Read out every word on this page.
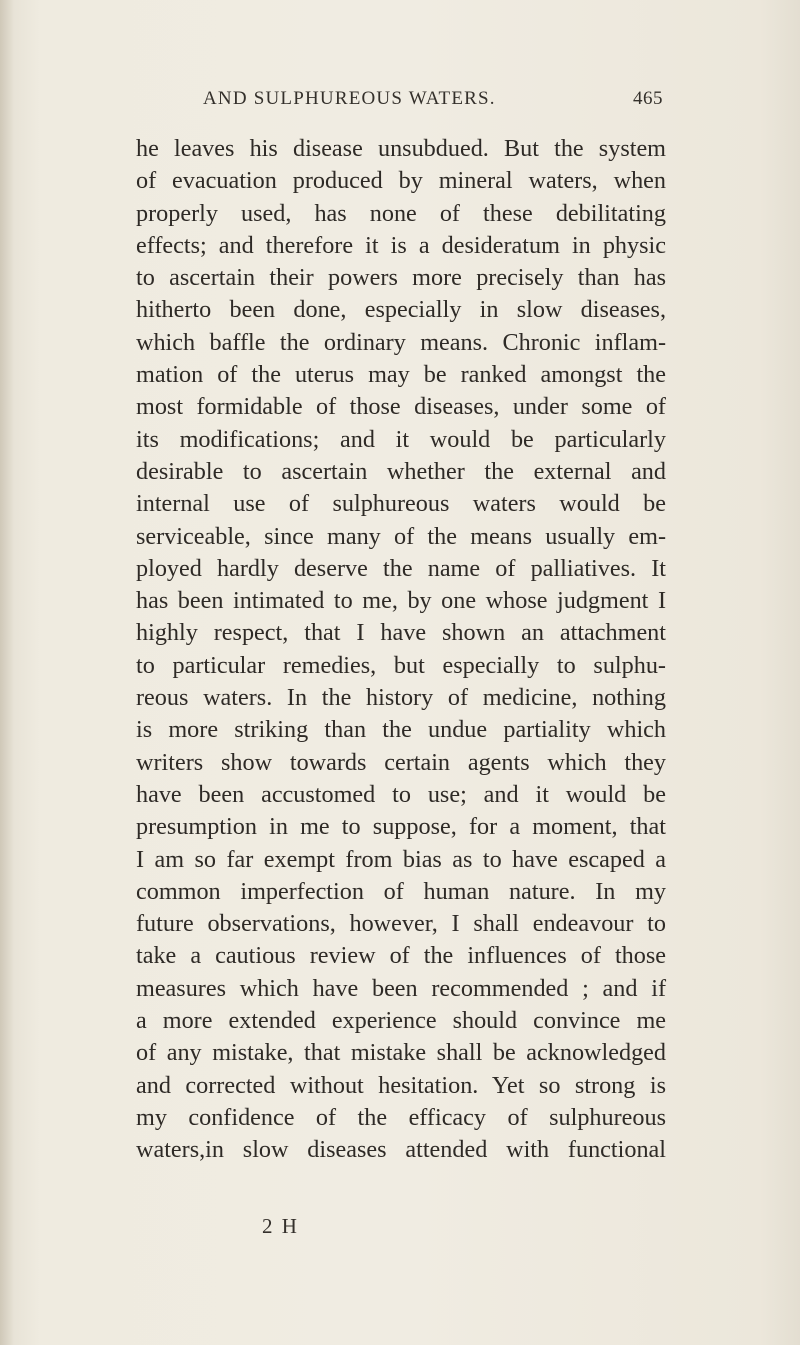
AND SULPHUREOUS WATERS.	465
he leaves his disease unsubdued. But the system
of evacuation produced by mineral waters, when
properly used, has none of these debilitating
effects; and therefore it is a desideratum in physic
to ascertain their powers more precisely than has
hitherto been done, especially in slow diseases,
which baffle the ordinary means. Chronic inflam-
mation of the uterus may be ranked amongst the
most formidable of those diseases, under some of
its modifications; and it would be particularly
desirable to ascertain whether the external and
internal use of sulphureous waters would be
serviceable, since many of the means usually em-
ployed hardly deserve the name of palliatives. It
has been intimated to me, by one whose judgment I
highly respect, that I have shown an attachment
to particular remedies, but especially to sulphu-
reous waters. In the history of medicine, nothing
is more striking than the undue partiality which
writers show towards certain agents which they
have been accustomed to use; and it would be
presumption in me to suppose, for a moment, that
I am so far exempt from bias as to have escaped a
common imperfection of human nature. In my
future observations, however, I shall endeavour to
take a cautious review of the influences of those
measures which have been recommended ; and if
a more extended experience should convince me
of any mistake, that mistake shall be acknowledged
and corrected without hesitation. Yet so strong is
my confidence of the efficacy of sulphureous
waters,in slow diseases attended with functional
2 H
